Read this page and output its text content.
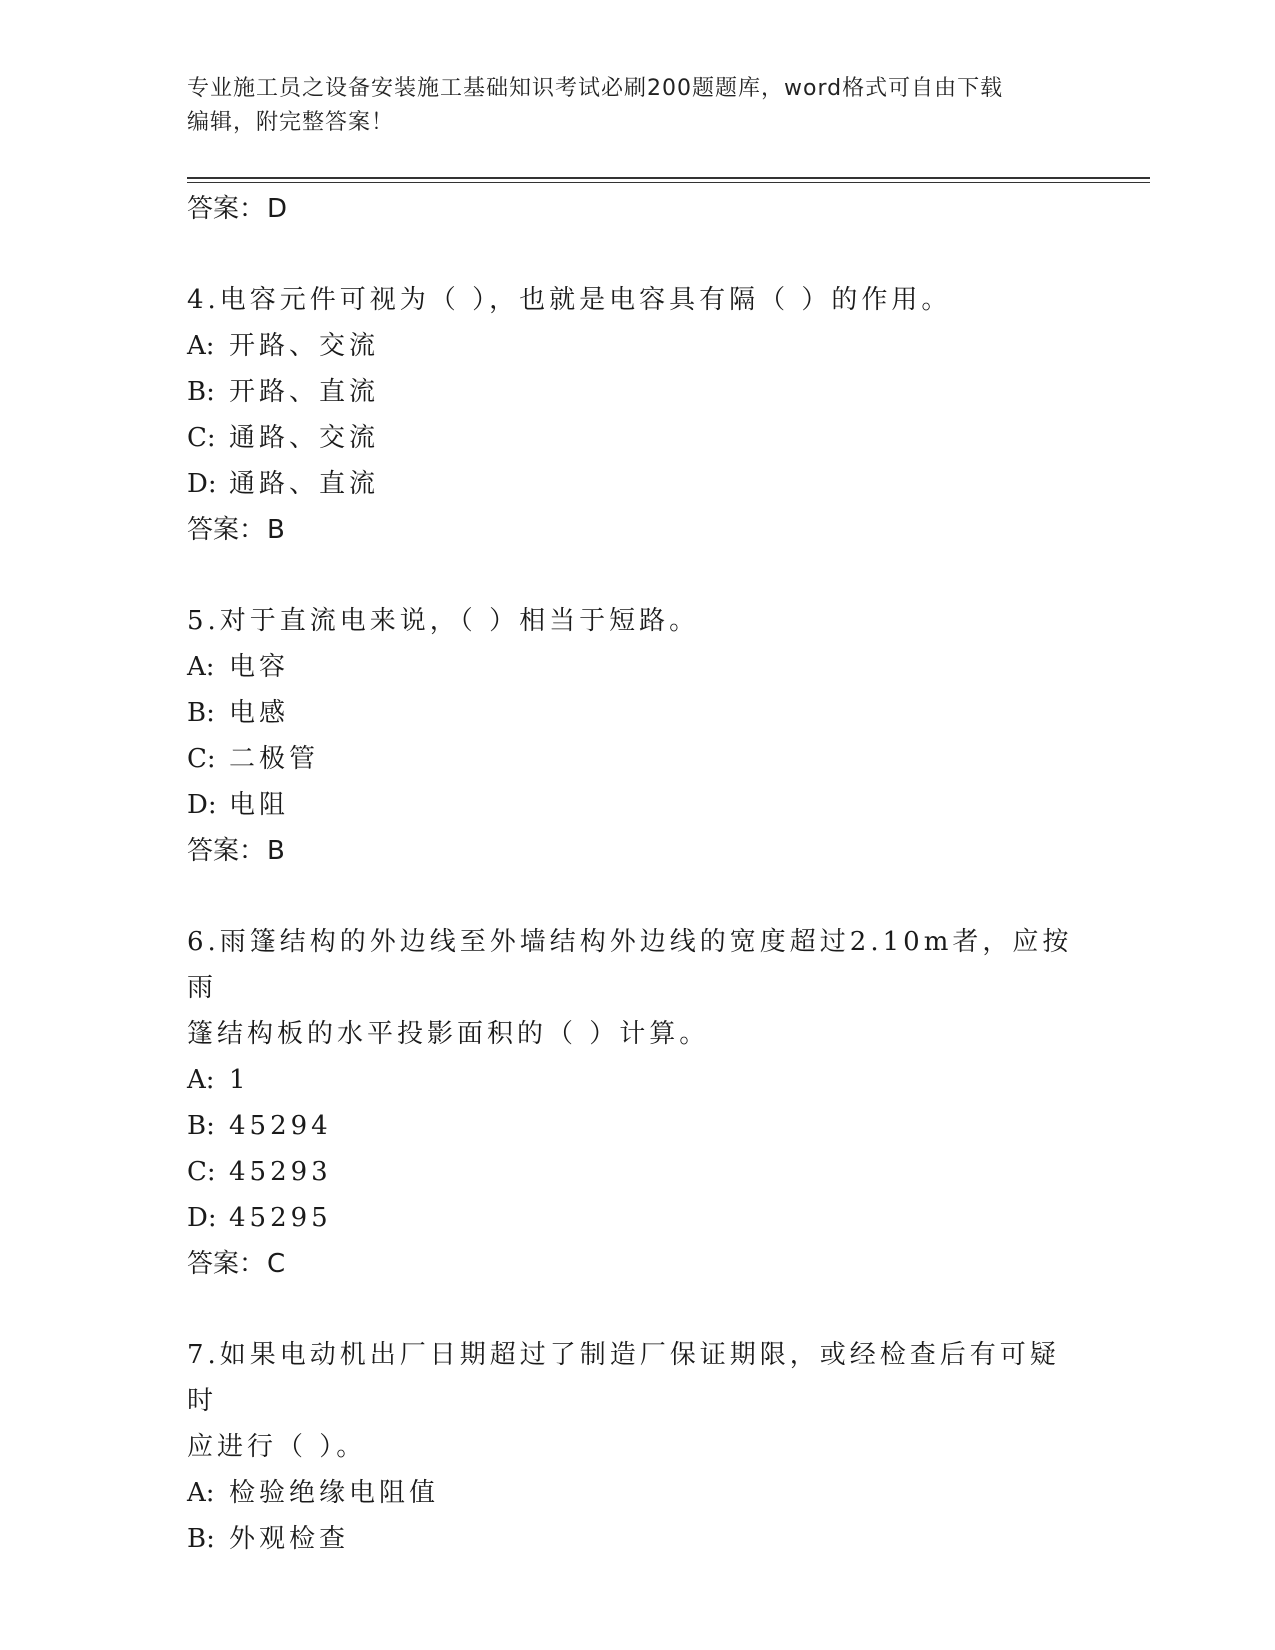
专业施工员之设备安装施工基础知识考试必刷200题题库，word格式可自由下载
编辑，附完整答案！
答案：D

4.电容元件可视为（ ），也就是电容具有隔（ ）的作用。

A: 开路、交流
B: 开路、直流
C: 通路、交流
D: 通路、直流
答案：B

5.对于直流电来说，（ ）相当于短路。

A: 电容
B: 电感
C: 二极管
D: 电阻
答案：B

6.雨篷结构的外边线至外墙结构外边线的宽度超过2.10m者，应按雨

篷结构板的水平投影面积的（ ）计算。

A: 1
B: 45294
C: 45293
D: 45295
答案：C

7.如果电动机出厂日期超过了制造厂保证期限，或经检查后有可疑时

应进行（ ）。

A: 检验绝缘电阻值
B: 外观检查
